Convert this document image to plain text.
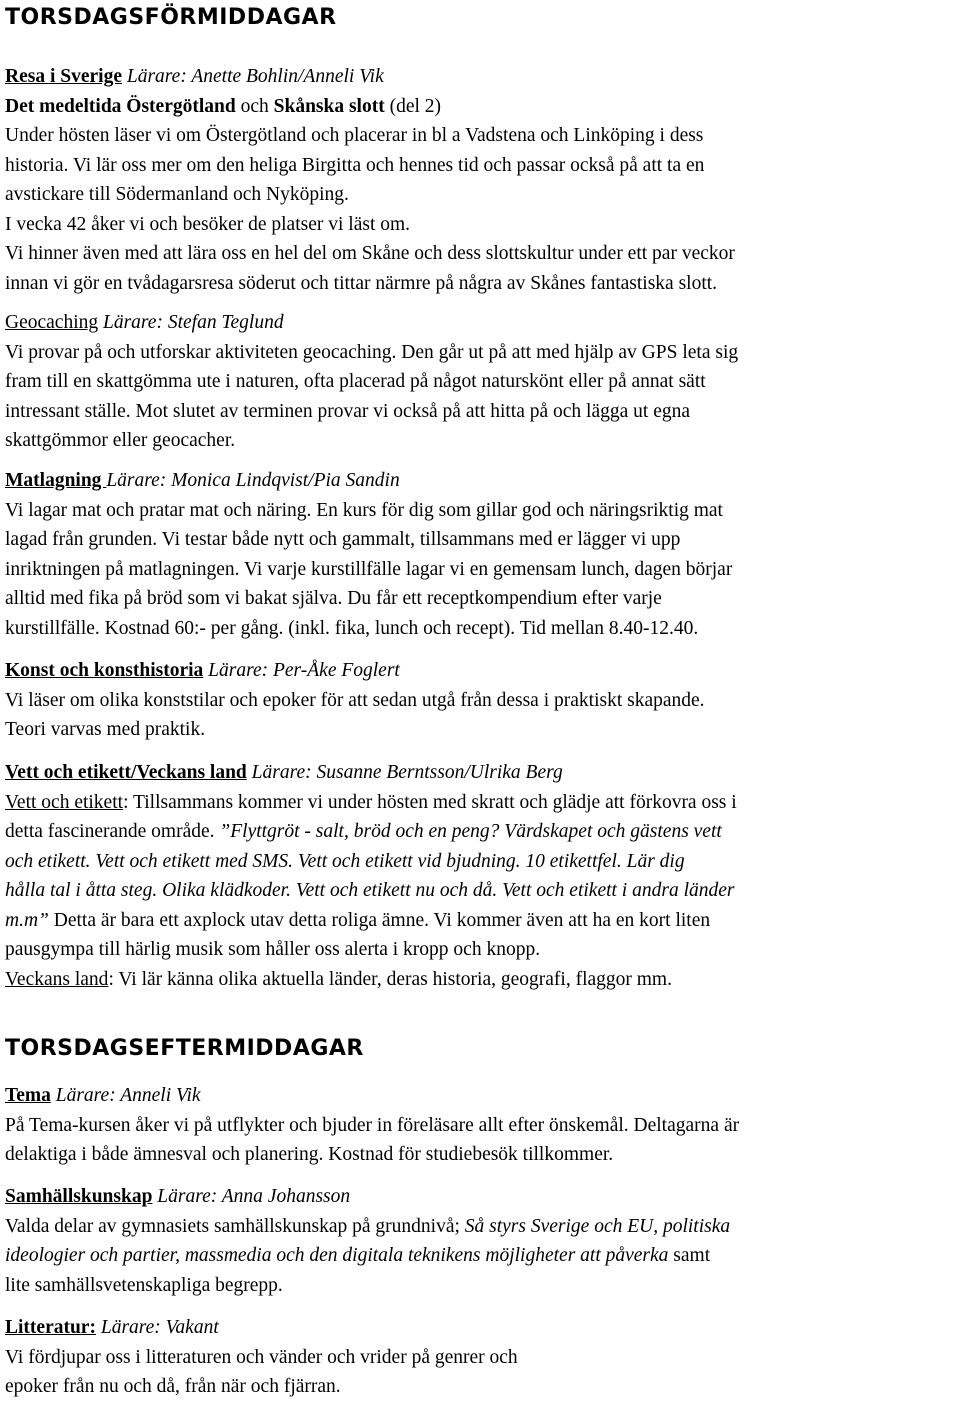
TORSDAGSFÖRMIDDAGAR
Resa i Sverige Lärare: Anette Bohlin/Anneli Vik
Det medeltida Östergötland och Skånska slott (del 2)
Under hösten läser vi om Östergötland och placerar in bl a Vadstena och Linköping i dess
historia. Vi lär oss mer om den heliga Birgitta och hennes tid och passar också på att ta en
avstickare till Södermanland och Nyköping.
I vecka 42 åker vi och besöker de platser vi läst om.
Vi hinner även med att lära oss en hel del om Skåne och dess slottskultur under ett par veckor
innan vi gör en tvådagarsresa söderut och tittar närmre på några av Skånes fantastiska slott.
Geocaching Lärare: Stefan Teglund
Vi provar på och utforskar aktiviteten geocaching. Den går ut på att med hjälp av GPS leta sig
fram till en skattgömma ute i naturen, ofta placerad på något naturskönt eller på annat sätt
intressant ställe. Mot slutet av terminen provar vi också på att hitta på och lägga ut egna
skattgömmor eller geocacher.
Matlagning Lärare: Monica Lindqvist/Pia Sandin
Vi lagar mat och pratar mat och näring. En kurs för dig som gillar god och näringsriktig mat
lagad från grunden. Vi testar både nytt och gammalt, tillsammans med er lägger vi upp
inriktningen på matlagningen. Vi varje kurstillfälle lagar vi en gemensam lunch, dagen börjar
alltid med fika på bröd som vi bakat själva. Du får ett receptkompendium efter varje
kurstillfälle. Kostnad 60:- per gång. (inkl. fika, lunch och recept). Tid mellan 8.40-12.40.
Konst och konsthistoria Lärare: Per-Åke Foglert
Vi läser om olika konststilar och epoker för att sedan utgå från dessa i praktiskt skapande.
Teori varvas med praktik.
Vett och etikett/Veckans land Lärare: Susanne Berntsson/Ulrika Berg
Vett och etikett: Tillsammans kommer vi under hösten med skratt och glädje att förkovra oss i
detta fascinerande område. ”Flyttgröt - salt, bröd och en peng? Värdskapet och gästens vett
och etikett. Vett och etikett med SMS. Vett och etikett vid bjudning. 10 etikettfel. Lär dig
hålla tal i åtta steg. Olika klädkoder. Vett och etikett nu och då. Vett och etikett i andra länder
m.m” Detta är bara ett axplock utav detta roliga ämne. Vi kommer även att ha en kort liten
pausgympa till härlig musik som håller oss alerta i kropp och knopp.
Veckans land: Vi lär känna olika aktuella länder, deras historia, geografi, flaggor mm.
TORSDAGSEFTERMIDDAGAR
Tema Lärare: Anneli Vik
På Tema-kursen åker vi på utflykter och bjuder in föreläsare allt efter önskemål. Deltagarna är
delaktiga i både ämnesval och planering. Kostnad för studiebesök tillkommer.
Samhällskunskap Lärare: Anna Johansson
Valda delar av gymnasiets samhällskunskap på grundnivå; Så styrs Sverige och EU, politiska
ideologier och partier, massmedia och den digitala teknikens möjligheter att påverka samt
lite samhällsvetenskapliga begrepp.
Litteratur: Lärare: Vakant
Vi fördjupar oss i litteraturen och vänder och vrider på genrer och
epoker från nu och då, från när och fjärran.
